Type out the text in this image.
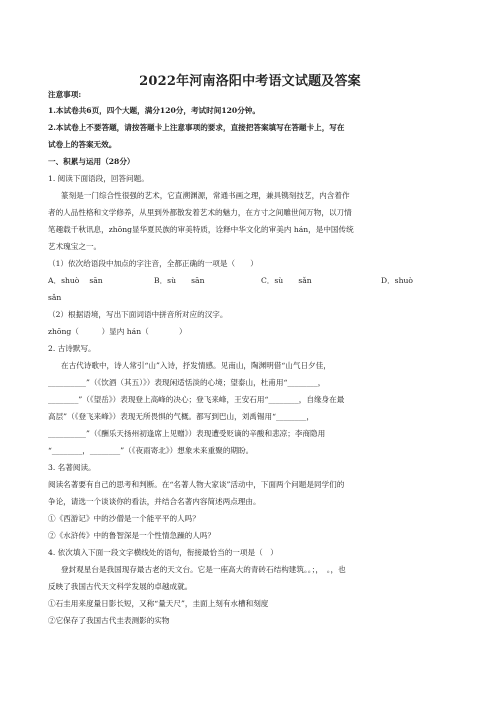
2022年河南洛阳中考语文试题及答案
注意事项:
1.本试卷共6页，四个大题，满分120分，考试时间120分钟。
2.本试卷上不要答题，请按答题卡上注意事项的要求，直接把答案填写在答题卡上，写在
试卷上的答案无效。
一、积累与运用（28分）
1. 阅读下面语段，回答问题。
篆刻是一门综合性很强的艺术，它直溯渊源，常通书画之理，兼具镌刻技艺，内含着作
者的人品性格和文学修养，从里到外都散发着艺术的魅力，在方寸之间雕世间万物，以刀情
笔趣载千秋讯息，zhōng显华夏民族的审美特质，诠释中华文化的审美内 hán，是中国传统
艺术瑰宝之一。
（1）依次给语段中加点的字注音，全都正确的一项是（　　）
A．shuò　 sān	B．sù　　sān	C．sù　　sǎn	D．shuò
sǎn
（2）根据语境，写出下面词语中拼音所对应的汉字。
zhōng（　　　）显内 hán（　　　　）
2. 古诗默写。
在古代诗歌中，诗人常引“山”入诗，抒发情感。见南山，陶渊明借“山气日夕佳，
__________”（《饮酒（其五）》）表现闲适恬淡的心境；望泰山，杜甫用“________，
________”（《望岳》）表现登上高峰的决心；登飞来峰，王安石用“________，自缘身在最
高层”（《登飞来峰》）表现无所畏惧的气概。都写到巴山，刘禹锡用“________，
__________”（《酬乐天扬州初逢席上见赠》）表现遭受贬谪的辛酸和悲凉；李商隐用
“________，________”（《夜雨寄北》）想象未来重聚的期盼。
3. 名著阅读。
阅读名著要有自己的思考和判断。在“名著人物大家谈”活动中，下面两个问题是同学们的
争论，请选一个谈谈你的看法，并结合名著内容简述两点理由。
①《西游记》中的沙僧是一个能平平的人吗？
②《水浒传》中的鲁智深是一个性情急躁的人吗？
4. 依次填入下面一段文字横线处的语句，衔接最恰当的一项是（　）
登封观星台是我国现存最古老的天文台。它是一座高大的青砖石结构建筑。。；，　。，也
反映了我国古代天文科学发展的卓越成就。
①石圭用来度量日影长短，又称“量天尺”，圭面上刻有水槽和刻度
②它保存了我国古代圭表测影的实物
